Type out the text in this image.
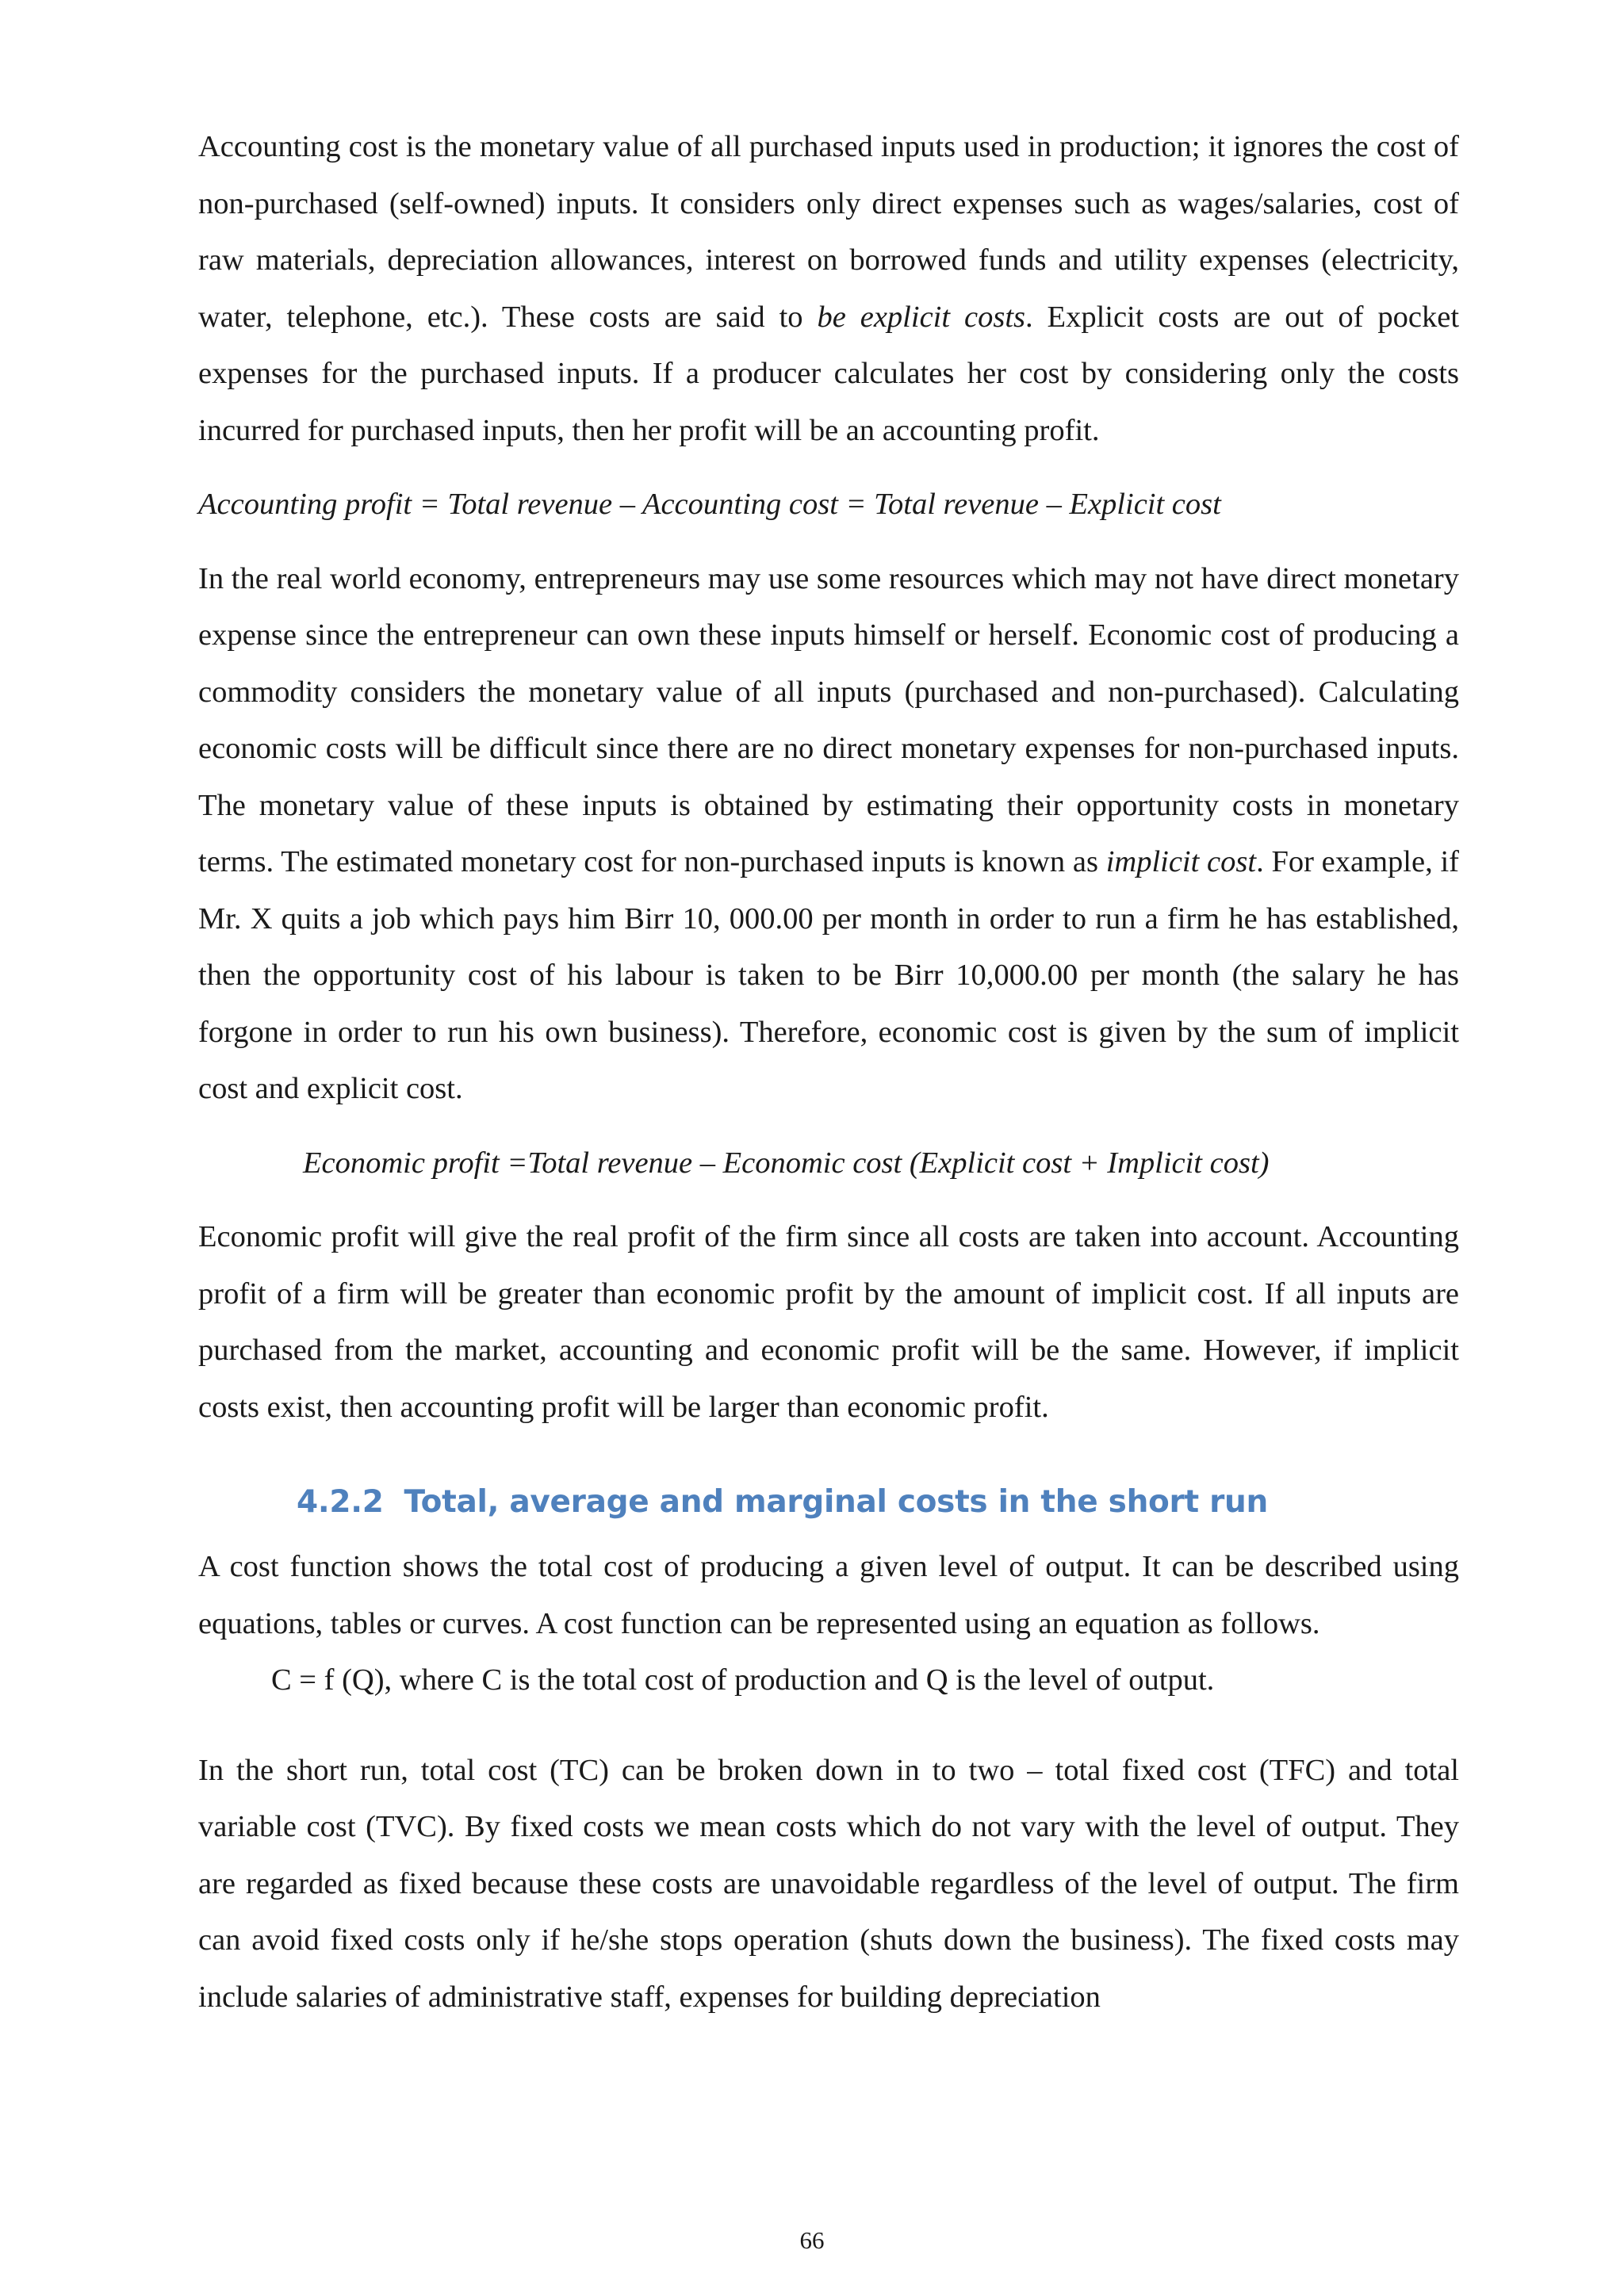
Accounting cost is the monetary value of all purchased inputs used in production; it ignores the cost of non-purchased (self-owned) inputs. It considers only direct expenses such as wages/salaries, cost of raw materials, depreciation allowances, interest on borrowed funds and utility expenses (electricity, water, telephone, etc.). These costs are said to be explicit costs. Explicit costs are out of pocket expenses for the purchased inputs. If a producer calculates her cost by considering only the costs incurred for purchased inputs, then her profit will be an accounting profit.

Accounting profit = Total revenue – Accounting cost = Total revenue – Explicit cost

In the real world economy, entrepreneurs may use some resources which may not have direct monetary expense since the entrepreneur can own these inputs himself or herself. Economic cost of producing a commodity considers the monetary value of all inputs (purchased and non-purchased). Calculating economic costs will be difficult since there are no direct monetary expenses for non-purchased inputs. The monetary value of these inputs is obtained by estimating their opportunity costs in monetary terms. The estimated monetary cost for non-purchased inputs is known as implicit cost. For example, if Mr. X quits a job which pays him Birr 10, 000.00 per month in order to run a firm he has established, then the opportunity cost of his labour is taken to be Birr 10,000.00 per month (the salary he has forgone in order to run his own business). Therefore, economic cost is given by the sum of implicit cost and explicit cost.

Economic profit =Total revenue – Economic cost (Explicit cost + Implicit cost)

Economic profit will give the real profit of the firm since all costs are taken into account. Accounting profit of a firm will be greater than economic profit by the amount of implicit cost. If all inputs are purchased from the market, accounting and economic profit will be the same. However, if implicit costs exist, then accounting profit will be larger than economic profit.

4.2.2 Total, average and marginal costs in the short run

A cost function shows the total cost of producing a given level of output. It can be described using equations, tables or curves. A cost function can be represented using an equation as follows.

C = f (Q), where C is the total cost of production and Q is the level of output.

In the short run, total cost (TC) can be broken down in to two – total fixed cost (TFC) and total variable cost (TVC). By fixed costs we mean costs which do not vary with the level of output. They are regarded as fixed because these costs are unavoidable regardless of the level of output. The firm can avoid fixed costs only if he/she stops operation (shuts down the business). The fixed costs may include salaries of administrative staff, expenses for building depreciation

66
